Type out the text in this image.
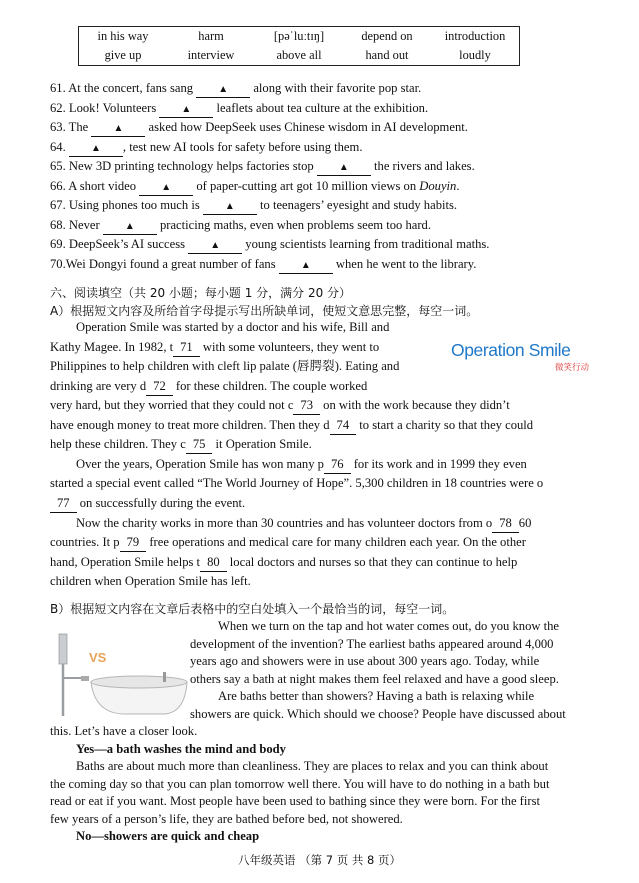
in his way	harm	[pəˈluːtɪŋ]	depend on	introduction
give up	interview	above all	hand out	loudly
61. At the concert, fans sang ▲ along with their favorite pop star.
62. Look! Volunteers ▲ leaflets about tea culture at the exhibition.
63. The ▲ asked how DeepSeek uses Chinese wisdom in AI development.
64. ▲ , test new AI tools for safety before using them.
65. New 3D printing technology helps factories stop ▲ the rivers and lakes.
66. A short video ▲ of paper-cutting art got 10 million views on Douyin.
67. Using phones too much is ▲ to teenagers’ eyesight and study habits.
68. Never ▲ practicing maths, even when problems seem too hard.
69. DeepSeek’s AI success ▲ young scientists learning from traditional maths.
70.Wei Dongyi found a great number of fans ▲ when he went to the library.
六、阅读填空（共 20 小题；每小题 1 分，满分 20 分）
A）根据短文内容及所给首字母提示写出所缺单词，使短文意思完整，每空一词。
Operation Smile
微笑行动
Operation Smile was started by a doctor and his wife, Bill and
Kathy Magee. In 1982, t 71 with some volunteers, they went to
Philippines to help children with cleft lip palate (唇腭裂). Eating and
drinking are very d 72 for these children. The couple worked
very hard, but they worried that they could not c 73 on with the work because they didn’t
have enough money to treat more children. Then they d 74 to start a charity so that they could
help these children. They c 75 it Operation Smile.
Over the years, Operation Smile has won many p 76 for its work and in 1999 they even
started a special event called “The World Journey of Hope”. 5,300 children in 18 countries were o
77 on successfully during the event.
Now the charity works in more than 30 countries and has volunteer doctors from o 78 60
countries. It p 79 free operations and medical care for many children each year. On the other
hand, Operation Smile helps t 80 local doctors and nurses so that they can continue to help
children when Operation Smile has left.
B）根据短文内容在文章后表格中的空白处填入一个最恰当的词，每空一词。
VS
When we turn on the tap and hot water comes out, do you know the
development of the invention? The earliest baths appeared around 4,000
years ago and showers were in use about 300 years ago. Today, while
others say a bath at night makes them feel relaxed and have a good sleep.
Are baths better than showers? Having a bath is relaxing while
showers are quick. Which should we choose? People have discussed about
this. Let’s have a closer look.
Yes—a bath washes the mind and body
Baths are about much more than cleanliness. They are places to relax and you can think about
the coming day so that you can plan tomorrow well there. You will have to do nothing in a bath but
read or eat if you want. Most people have been used to bathing since they were born. For the first
few years of a person’s life, they are bathed before bed, not showered.
No—showers are quick and cheap
八年级英语 （第 7 页 共 8 页）
